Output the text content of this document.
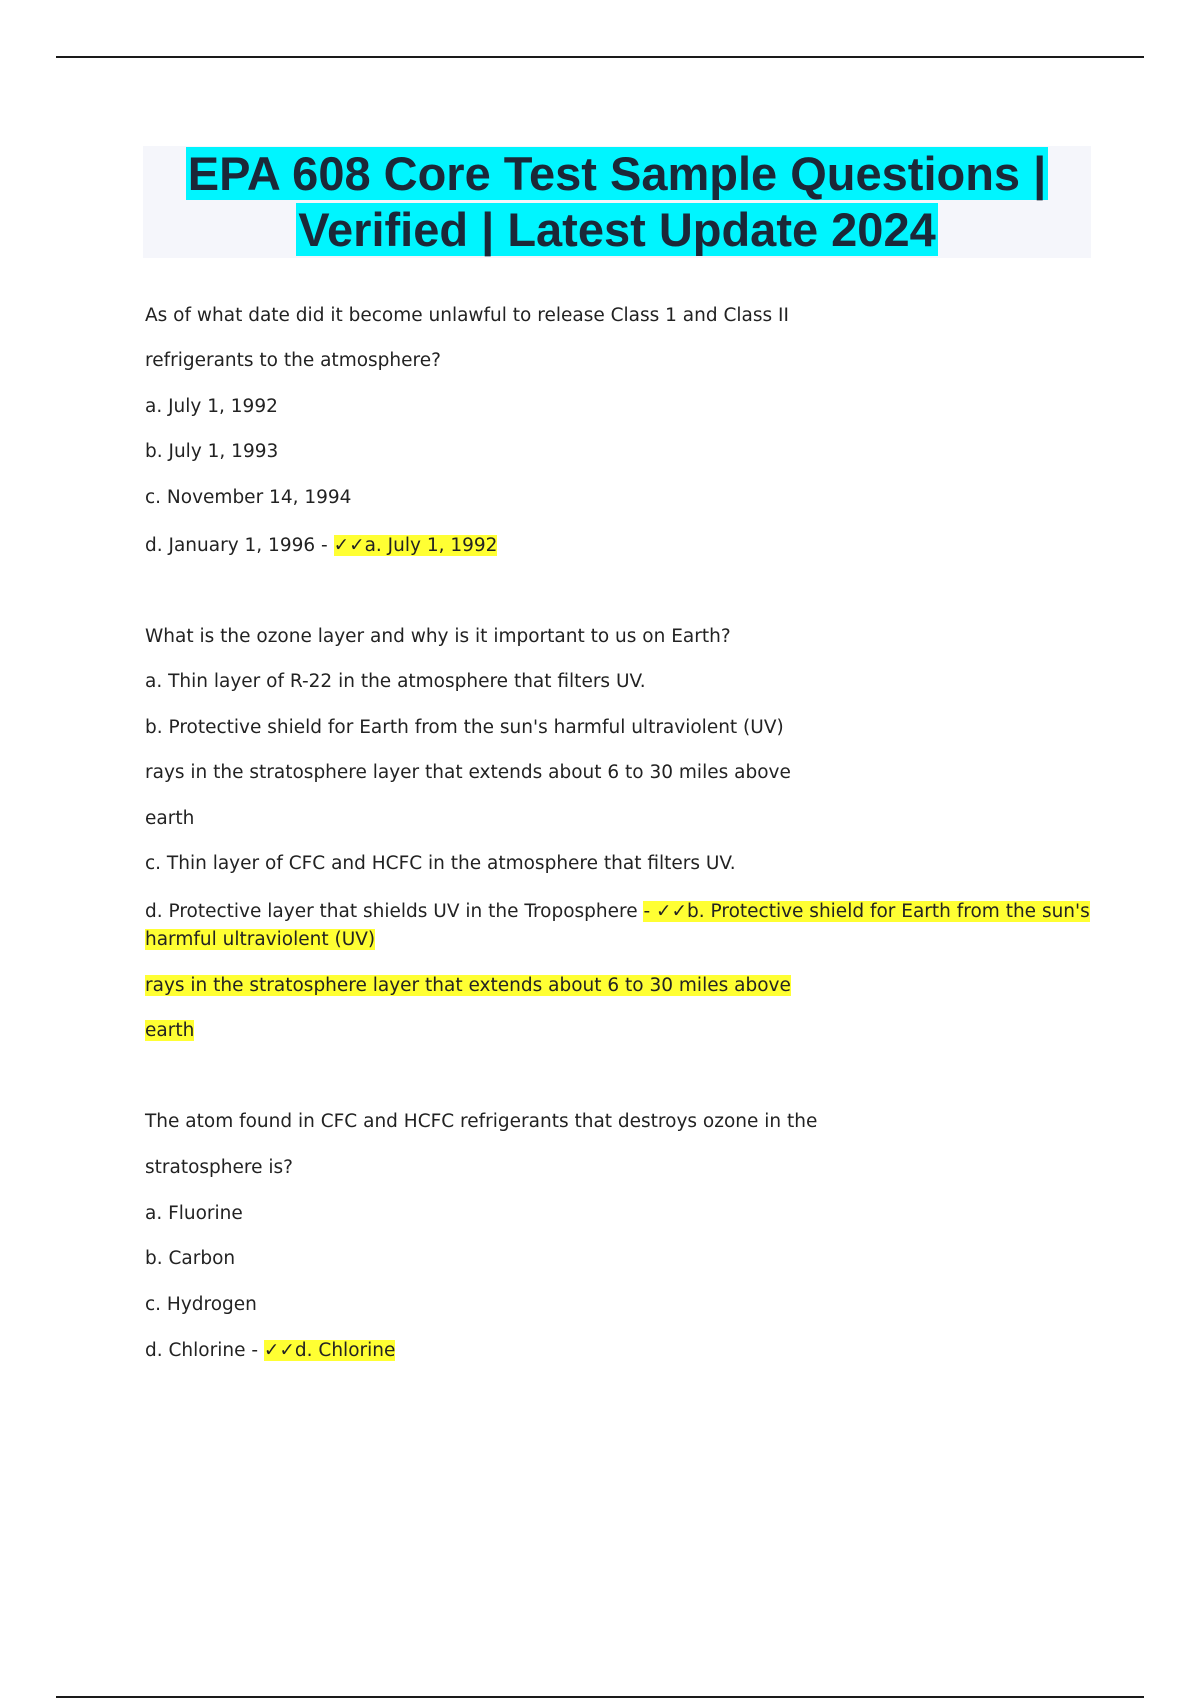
EPA 608 Core Test Sample Questions |
Verified | Latest Update 2024
As of what date did it become unlawful to release Class 1 and Class II
refrigerants to the atmosphere?
a. July 1, 1992
b. July 1, 1993
c. November 14, 1994
d. January 1, 1996 - ✓✓a. July 1, 1992
What is the ozone layer and why is it important to us on Earth?
a. Thin layer of R-22 in the atmosphere that filters UV.
b. Protective shield for Earth from the sun's harmful ultraviolent (UV)
rays in the stratosphere layer that extends about 6 to 30 miles above
earth
c. Thin layer of CFC and HCFC in the atmosphere that filters UV.
d. Protective layer that shields UV in the Troposphere - ✓✓b. Protective shield for Earth from the sun's
harmful ultraviolent (UV)
rays in the stratosphere layer that extends about 6 to 30 miles above
earth
The atom found in CFC and HCFC refrigerants that destroys ozone in the
stratosphere is?
a. Fluorine
b. Carbon
c. Hydrogen
d. Chlorine - ✓✓d. Chlorine
